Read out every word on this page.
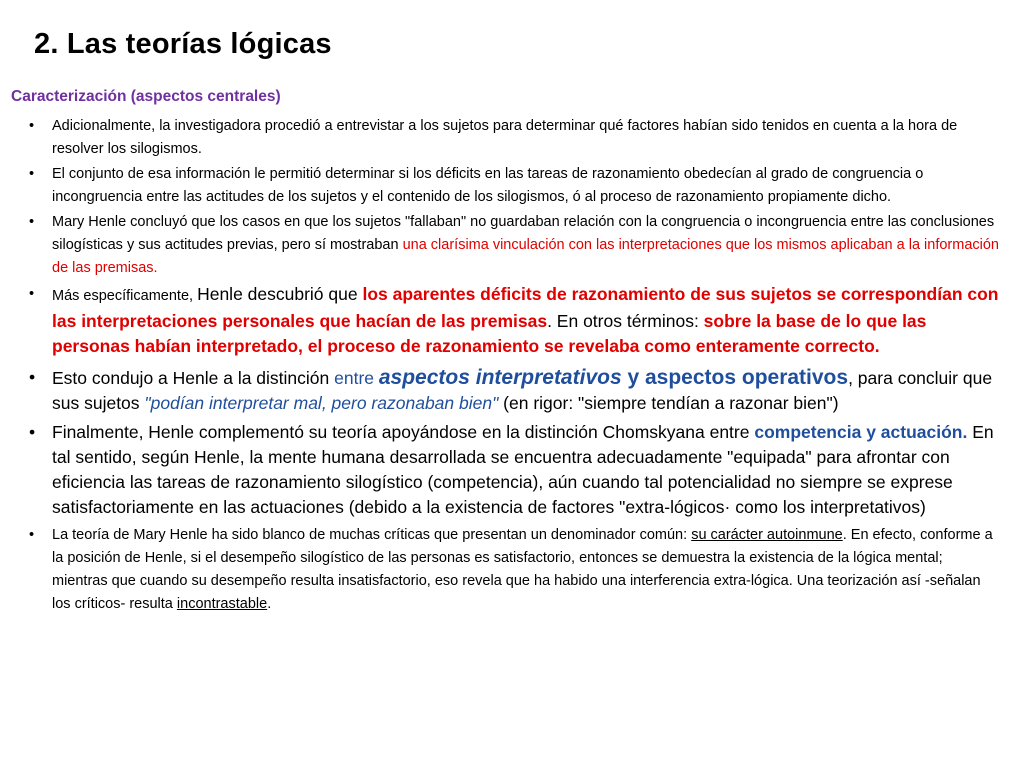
2. Las teorías lógicas
Caracterización (aspectos centrales)
• Adicionalmente, la investigadora procedió a entrevistar a los sujetos para determinar qué factores habían sido tenidos en cuenta a la hora de resolver los silogismos.
• El conjunto de esa información le permitió determinar si los déficits en las tareas de razonamiento obedecían al grado de congruencia o incongruencia entre las actitudes de los sujetos y el contenido de los silogismos, ó al proceso de razonamiento propiamente dicho.
• Mary Henle concluyó que los casos en que los sujetos "fallaban" no guardaban relación con la congruencia o incongruencia entre las conclusiones silogísticas y sus actitudes previas, pero sí mostraban una clarísima vinculación con las interpretaciones que los mismos aplicaban a la información de las premisas.
• Más específicamente, Henle descubrió que los aparentes déficits de razonamiento de sus sujetos se correspondían con las interpretaciones personales que hacían de las premisas. En otros términos: sobre la base de lo que las personas habían interpretado, el proceso de razonamiento se revelaba como enteramente correcto.
• Esto condujo a Henle a la distinción entre aspectos interpretativos y aspectos operativos, para concluir que sus sujetos "podían interpretar mal, pero razonaban bien" (en rigor: "siempre tendían a razonar bien")
• Finalmente, Henle complementó su teoría apoyándose en la distinción Chomskyana entre competencia y actuación. En tal sentido, según Henle, la mente humana desarrollada se encuentra adecuadamente "equipada" para afrontar con eficiencia las tareas de razonamiento silogístico (competencia), aún cuando tal potencialidad no siempre se exprese satisfactoriamente en las actuaciones (debido a la existencia de factores "extra-lógicos· como los interpretativos)
• La teoría de Mary Henle ha sido blanco de muchas críticas que presentan un denominador común: su carácter autoinmune. En efecto, conforme a la posición de Henle, si el desempeño silogístico de las personas es satisfactorio, entonces se demuestra la existencia de la lógica mental; mientras que cuando su desempeño resulta insatisfactorio, eso revela que ha habido una interferencia extra-lógica. Una teorización así -señalan los críticos- resulta incontrastable.
